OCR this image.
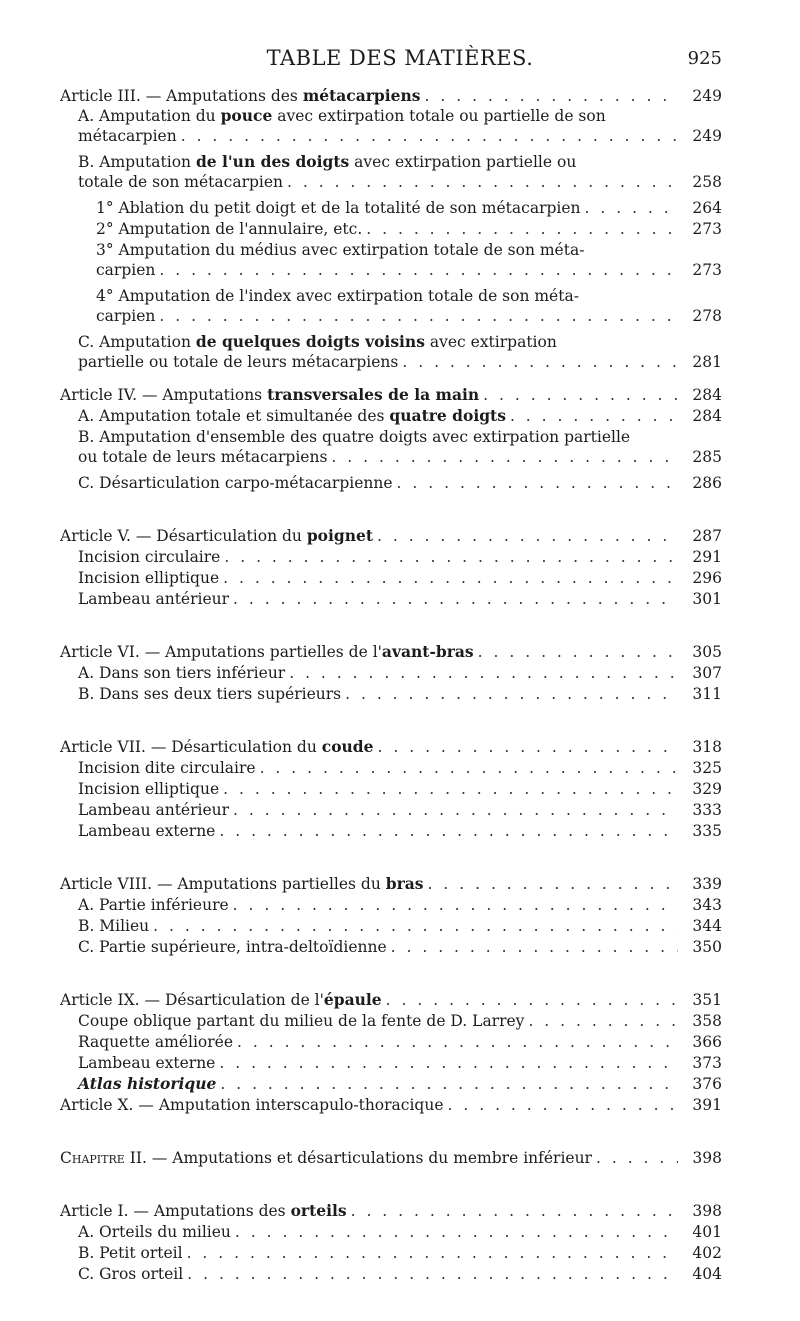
TABLE DES MATIÈRES.	925
Article III. — Amputations des métacarpiens . . .	249
A. Amputation du pouce avec extirpation totale ou partielle de son
métacarpien . . .	249
B. Amputation de l'un des doigts avec extirpation partielle ou
totale de son métacarpien . . .	258
1° Ablation du petit doigt et de la totalité de son métacarpien . . .	264
2° Amputation de l'annulaire, etc. . . .	273
3° Amputation du médius avec extirpation totale de son méta-
carpien . . .	273
4° Amputation de l'index avec extirpation totale de son méta-
carpien . . .	278
C. Amputation de quelques doigts voisins avec extirpation
partielle ou totale de leurs métacarpiens . . .	281
Article IV. — Amputations transversales de la main . . .	284
A. Amputation totale et simultanée des quatre doigts . . .	284
B. Amputation d'ensemble des quatre doigts avec extirpation partielle
ou totale de leurs métacarpiens . . .	285
C. Désarticulation carpo-métacarpienne . . .	286
Article V. — Désarticulation du poignet . . .	287
Incision circulaire . . .	291
Incision elliptique . . .	296
Lambeau antérieur . . .	301
Article VI. — Amputations partielles de l'avant-bras . . .	305
A. Dans son tiers inférieur . . .	307
B. Dans ses deux tiers supérieurs . . .	311
Article VII. — Désarticulation du coude . . .	318
Incision dite circulaire . . .	325
Incision elliptique . . .	329
Lambeau antérieur . . .	333
Lambeau externe . . .	335
Article VIII. — Amputations partielles du bras . . .	339
A. Partie inférieure . . .	343
B. Milieu . . .	344
C. Partie supérieure, intra-deltoïdienne . . .	350
Article IX. — Désarticulation de l'épaule . . .	351
Coupe oblique partant du milieu de la fente de D. Larrey . . .	358
Raquette améliorée . . .	366
Lambeau externe . . .	373
Atlas historique . . .	376
Article X. — Amputation interscapulo-thoracique . . .	391
Chapitre II. — Amputations et désarticulations du membre inférieur . . .	398
Article I. — Amputations des orteils . . .	398
A. Orteils du milieu . . .	401
B. Petit orteil . . .	402
C. Gros orteil . . .	404
